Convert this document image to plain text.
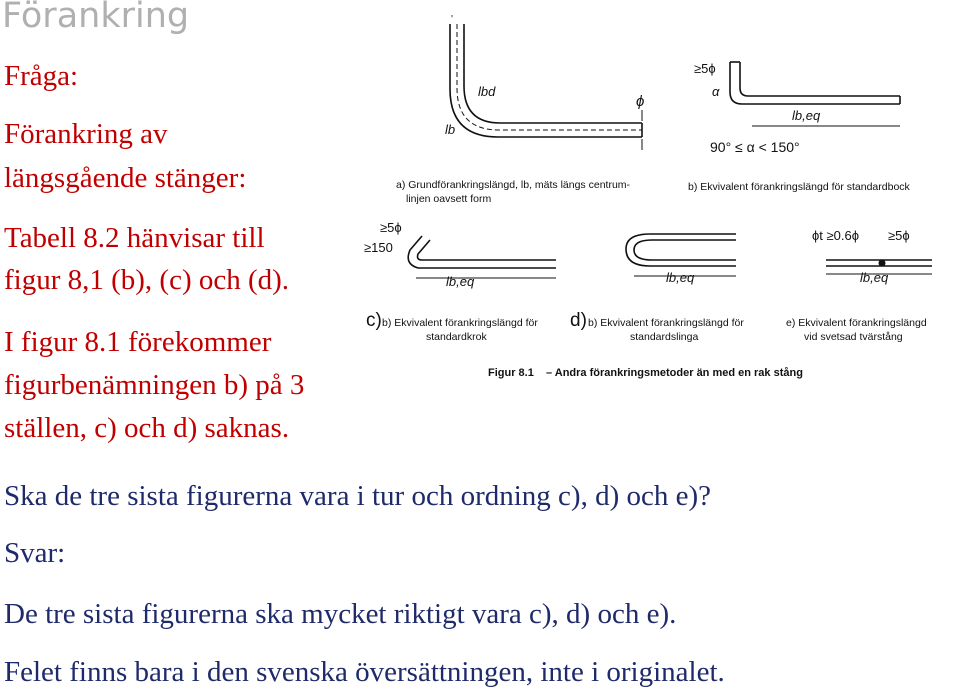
Förankring
Fråga:
Förankring av
längsgående stänger:
Tabell 8.2 hänvisar till
figur 8,1 (b), (c) och (d).
I figur 8.1 förekommer
figurbenämningen b) på 3
ställen, c) och d) saknas.
Ska de tre sista figurerna vara i tur och ordning c), d) och e)?
Svar:
De tre sista figurerna ska mycket riktigt vara c), d) och e).
Felet finns bara i den svenska översättningen, inte i originalet.
'
lbd
lb
ϕ
a) Grundförankringslängd, lb, mäts längs centrum-
linjen oavsett form
≥5ϕ
α
lb,eq
90° ≤ α < 150°
b) Ekvivalent förankringslängd för standardbock
≥5ϕ
≥150
lb,eq	lb,eq
ϕt ≥0.6ϕ ≥5ϕ
lb,eq
c) b) Ekvivalent förankringslängd för
standardkrok
d) b) Ekvivalent förankringslängd för
standardslinga
e) Ekvivalent förankringslängd
vid svetsad tvärstång
Figur 8.1 – Andra förankringsmetoder än med en rak stång
